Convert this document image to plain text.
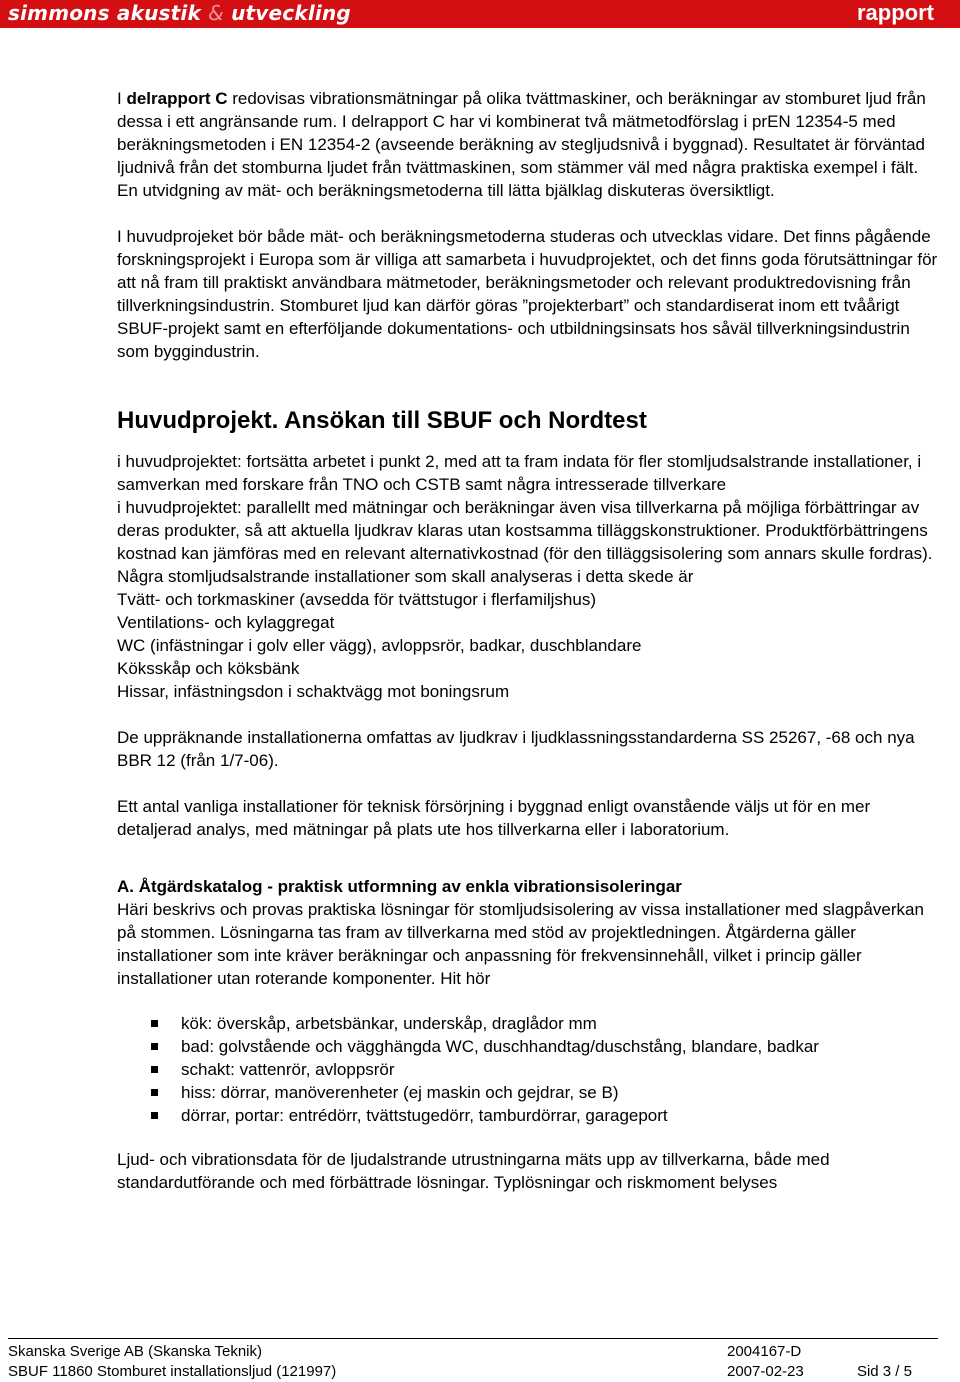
simmons akustik & utveckling	rapport

I delrapport C redovisas vibrationsmätningar på olika tvättmaskiner, och beräkningar av stomburet ljud från dessa i ett angränsande rum. I delrapport C har vi kombinerat två mätmetodförslag i prEN 12354-5 med beräkningsmetoden i EN 12354-2 (avseende beräkning av stegljudsnivå i byggnad). Resultatet är förväntad ljudnivå från det stomburna ljudet från tvättmaskinen, som stämmer väl med några praktiska exempel i fält. En utvidgning av mät- och beräkningsmetoderna till lätta bjälklag diskuteras översiktligt.

I huvudprojeket bör både mät- och beräkningsmetoderna studeras och utvecklas vidare. Det finns pågående forskningsprojekt i Europa som är villiga att samarbeta i huvudprojektet, och det finns goda förutsättningar för att nå fram till praktiskt användbara mätmetoder, beräkningsmetoder och relevant produktredovisning från tillverkningsindustrin. Stomburet ljud kan därför göras ”projekterbart” och standardiserat inom ett tvåårigt SBUF-projekt samt en efterföljande dokumentations- och utbildningsinsats hos såväl tillverkningsindustrin som byggindustrin.

Huvudprojekt. Ansökan till SBUF och Nordtest
i huvudprojektet: fortsätta arbetet i punkt 2, med att ta fram indata för fler stomljudsalstrande installationer, i samverkan med forskare från TNO och CSTB samt några intresserade tillverkare
i huvudprojektet: parallellt med mätningar och beräkningar även visa tillverkarna på möjliga förbättringar av deras produkter, så att aktuella ljudkrav klaras utan kostsamma tilläggskonstruktioner. Produktförbättringens kostnad kan jämföras med en relevant alternativkostnad (för den tilläggsisolering som annars skulle fordras). Några stomljudsalstrande installationer som skall analyseras i detta skede är
Tvätt- och torkmaskiner (avsedda för tvättstugor i flerfamiljshus)
Ventilations- och kylaggregat
WC (infästningar i golv eller vägg), avloppsrör, badkar, duschblandare
Köksskåp och köksbänk
Hissar, infästningsdon i schaktvägg mot boningsrum

De uppräknande installationerna omfattas av ljudkrav i ljudklassningsstandarderna SS 25267, -68 och nya BBR 12 (från 1/7-06).

Ett antal vanliga installationer för teknisk försörjning i byggnad enligt ovanstående väljs ut för en mer detaljerad analys, med mätningar på plats ute hos tillverkarna eller i laboratorium.

A. Åtgärdskatalog - praktisk utformning av enkla vibrationsisoleringar

Häri beskrivs och provas praktiska lösningar för stomljudsisolering av vissa installationer med slagpåverkan på stommen. Lösningarna tas fram av tillverkarna med stöd av projektledningen. Åtgärderna gäller installationer som inte kräver beräkningar och anpassning för frekvensinnehåll, vilket i princip gäller installationer utan roterande komponenter. Hit hör

kök: överskåp, arbetsbänkar, underskåp, draglådor mm
bad: golvstående och vägghängda WC, duschhandtag/duschstång, blandare, badkar
schakt: vattenrör, avloppsrör
hiss: dörrar, manöverenheter (ej maskin och gejdrar, se B)
dörrar, portar: entrédörr, tvättstugedörr, tamburdörrar, garageport

Ljud- och vibrationsdata för de ljudalstrande utrustningarna mäts upp av tillverkarna, både med standardutförande och med förbättrade lösningar. Typlösningar och riskmoment belyses

Skanska Sverige AB (Skanska Teknik)	2004167-D
SBUF 11860 Stomburet installationsljud (121997)	2007-02-23	Sid 3 / 5
